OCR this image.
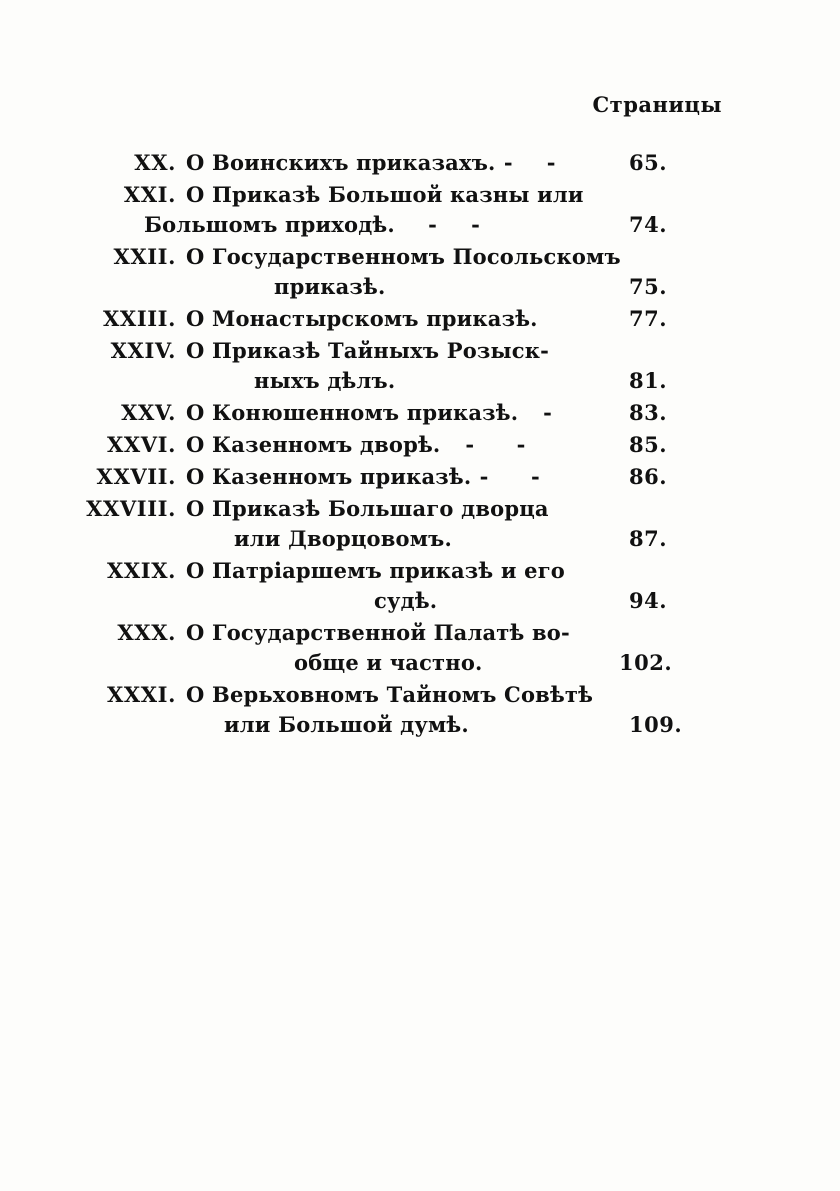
Страницы
XX. О Воинскихъ приказахъ. -    -	65.
XXI. О Приказѣ Большой казны или
Большомъ приходѣ. -    -	74.
XXII. О Государственномъ Посольскомъ
приказѣ.	75.
XXIII. О Монастырскомъ приказѣ.	77.
XXIV. О Приказѣ Тайныхъ Розыск-
ныхъ дѣлъ.	81.
XXV. О Конюшенномъ приказѣ. -	83.
XXVI. О Казенномъ дворѣ. -     -	85.
XXVII. О Казенномъ приказѣ. -     -	86.
XXVIII. О Приказѣ Большаго дворца
или Дворцовомъ.	87.
XXIX. О Патріаршемъ приказѣ и его
судѣ.	94.
XXX. О Государственной Палатѣ во-
обще и частно.	102.
XXXI. О Верьховномъ Тайномъ Совѣтѣ
или Большой думѣ.	109.
